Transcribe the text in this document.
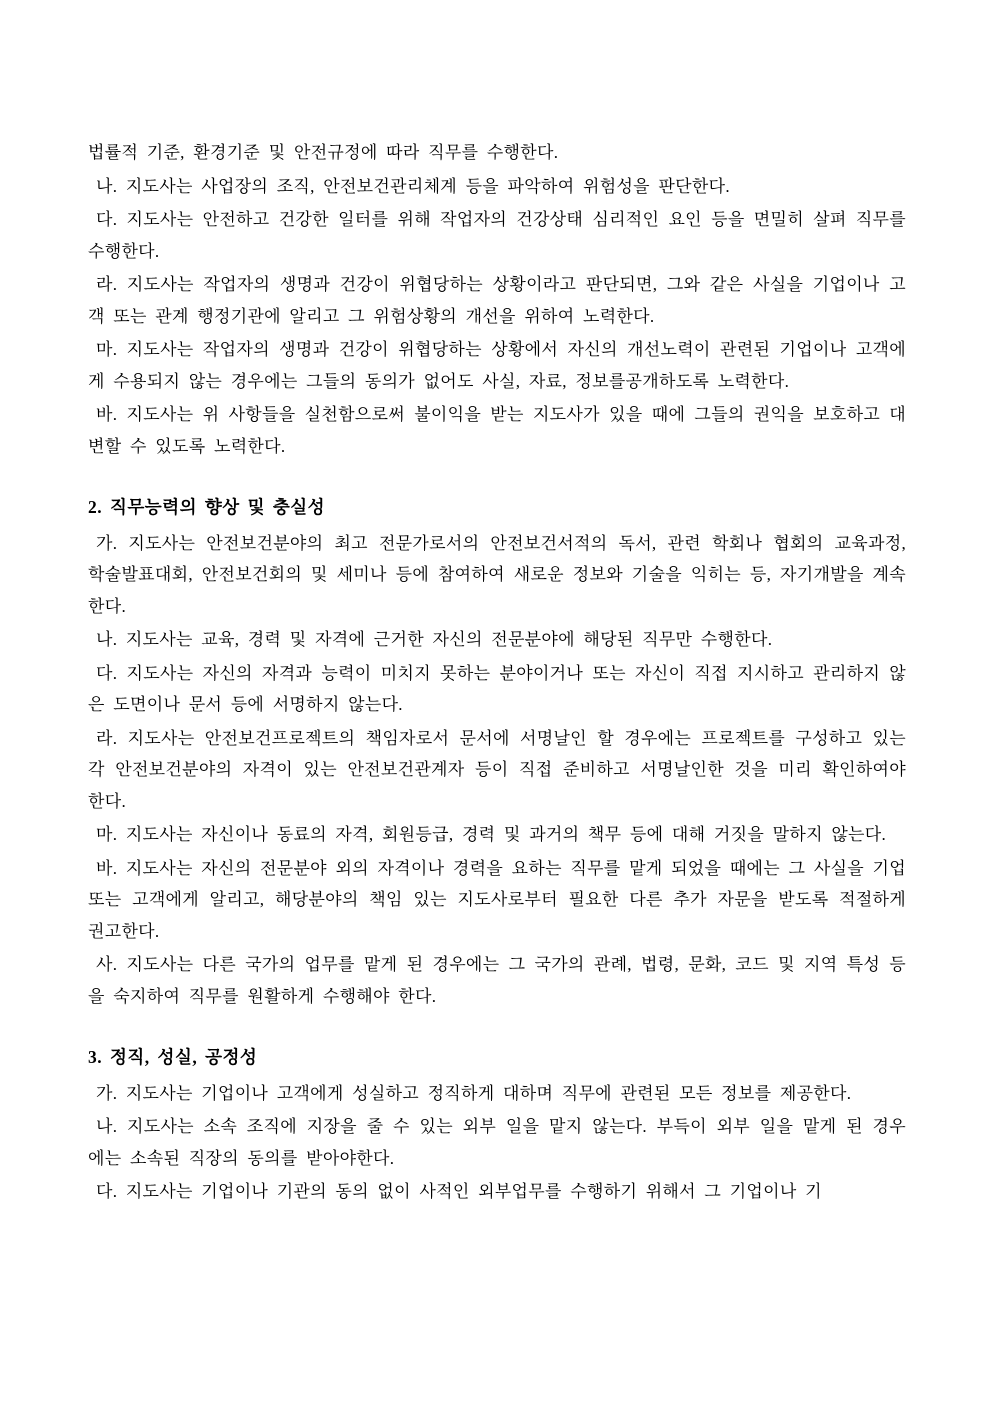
법률적 기준, 환경기준 및 안전규정에 따라 직무를 수행한다.

나. 지도사는 사업장의 조직, 안전보건관리체계 등을 파악하여 위험성을 판단한다.

다. 지도사는 안전하고 건강한 일터를 위해 작업자의 건강상태 심리적인 요인 등을 면밀히 살펴 직무를 수행한다.

라. 지도사는 작업자의 생명과 건강이 위협당하는 상황이라고 판단되면, 그와 같은 사실을 기업이나 고객 또는 관계 행정기관에 알리고 그 위험상황의 개선을 위하여 노력한다.

마. 지도사는 작업자의 생명과 건강이 위협당하는 상황에서 자신의 개선노력이 관련된 기업이나 고객에게 수용되지 않는 경우에는 그들의 동의가 없어도 사실, 자료, 정보를공개하도록 노력한다.

바. 지도사는 위 사항들을 실천함으로써 불이익을 받는 지도사가 있을 때에 그들의 권익을 보호하고 대변할 수 있도록 노력한다.

2. 직무능력의 향상 및 충실성

가. 지도사는 안전보건분야의 최고 전문가로서의 안전보건서적의 독서, 관련 학회나 협회의 교육과정, 학술발표대회, 안전보건회의 및 세미나 등에 참여하여 새로운 정보와 기술을 익히는 등, 자기개발을 계속 한다.

나. 지도사는 교육, 경력 및 자격에 근거한 자신의 전문분야에 해당된 직무만 수행한다.

다. 지도사는 자신의 자격과 능력이 미치지 못하는 분야이거나 또는 자신이 직접 지시하고 관리하지 않은 도면이나 문서 등에 서명하지 않는다.

라. 지도사는 안전보건프로젝트의 책임자로서 문서에 서명날인 할 경우에는 프로젝트를 구성하고 있는 각 안전보건분야의 자격이 있는 안전보건관계자 등이 직접 준비하고 서명날인한 것을 미리 확인하여야 한다.

마. 지도사는 자신이나 동료의 자격, 회원등급, 경력 및 과거의 책무 등에 대해 거짓을 말하지 않는다.

바. 지도사는 자신의 전문분야 외의 자격이나 경력을 요하는 직무를 맡게 되었을 때에는 그 사실을 기업 또는 고객에게 알리고, 해당분야의 책임 있는 지도사로부터 필요한 다른 추가 자문을 받도록 적절하게 권고한다.

사. 지도사는 다른 국가의 업무를 맡게 된 경우에는 그 국가의 관례, 법령, 문화, 코드 및 지역 특성 등 을 숙지하여 직무를 원활하게 수행해야 한다.

3. 정직, 성실, 공정성

가. 지도사는 기업이나 고객에게 성실하고 정직하게 대하며 직무에 관련된 모든 정보를 제공한다.

나. 지도사는 소속 조직에 지장을 줄 수 있는 외부 일을 맡지 않는다. 부득이 외부 일을 맡게 된 경우 에는 소속된 직장의 동의를 받아야한다.

다. 지도사는 기업이나 기관의 동의 없이 사적인 외부업무를 수행하기 위해서 그 기업이나 기
